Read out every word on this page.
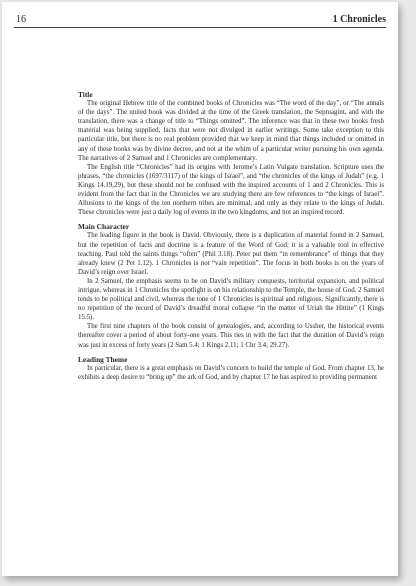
16	1 Chronicles
Title

The original Hebrew title of the combined books of Chronicles was “The word of the day”, or “The annals of the days”. The united book was divided at the time of the Greek translation, the Septuagint, and with the translation, there was a change of title to “Things omitted”. The inference was that in these two books fresh material was being supplied, facts that were not divulged in earlier writings. Some take exception to this particular title, but there is no real problem provided that we keep in mind that things included or omitted in any of these books was by divine decree, and not at the whim of a particular writer pursuing his own agenda. The narratives of 2 Samuel and 1 Chronicles are complementary.

The English title “Chronicles” had its origins with Jerome’s Latin Vulgate translation. Scripture uses the phrases, “the chronicles (1697/3117) of the kings of Israel”, and “the chronicles of the kings of Judah” (e.g. 1 Kings 14.19,29), but these should not be confused with the inspired accounts of 1 and 2 Chronicles. This is evident from the fact that in the Chronicles we are studying there are few references to “the kings of Israel”. Allusions to the kings of the ten northern tribes are minimal, and only as they relate to the kings of Judah. These chronicles were just a daily log of events in the two kingdoms, and not an inspired record.

Main Character

The leading figure in the book is David. Obviously, there is a duplication of material found in 2 Samuel, but the repetition of facts and doctrine is a feature of the Word of God; it is a valuable tool in effective teaching. Paul told the saints things “often” (Phil 3.18). Peter put them “in remembrance” of things that they already knew (2 Pet 1.12). 1 Chronicles is not “vain repetition”. The focus in both books is on the years of David’s reign over Israel.

In 2 Samuel, the emphasis seems to be on David’s military conquests, territorial expansion, and political intrigue, whereas in 1 Chronicles the spotlight is on his relationship to the Temple, the house of God. 2 Samuel tends to be political and civil, whereas the tone of 1 Chronicles is spiritual and religious. Significantly, there is no repetition of the record of David’s dreadful moral collapse “in the matter of Uriah the Hittite” (1 Kings 15.5).

The first nine chapters of the book consist of genealogies, and, according to Ussher, the historical events thereafter cover a period of about forty-one years. This ties in with the fact that the duration of David’s reign was just in excess of forty years (2 Sam 5.4; 1 Kings 2.11; 1 Chr 3.4; 29.27).

Leading Theme

In particular, there is a great emphasis on David’s concern to build the temple of God. From chapter 13, he exhibits a deep desire to “bring up” the ark of God, and by chapter 17 he has aspired to providing permanent
